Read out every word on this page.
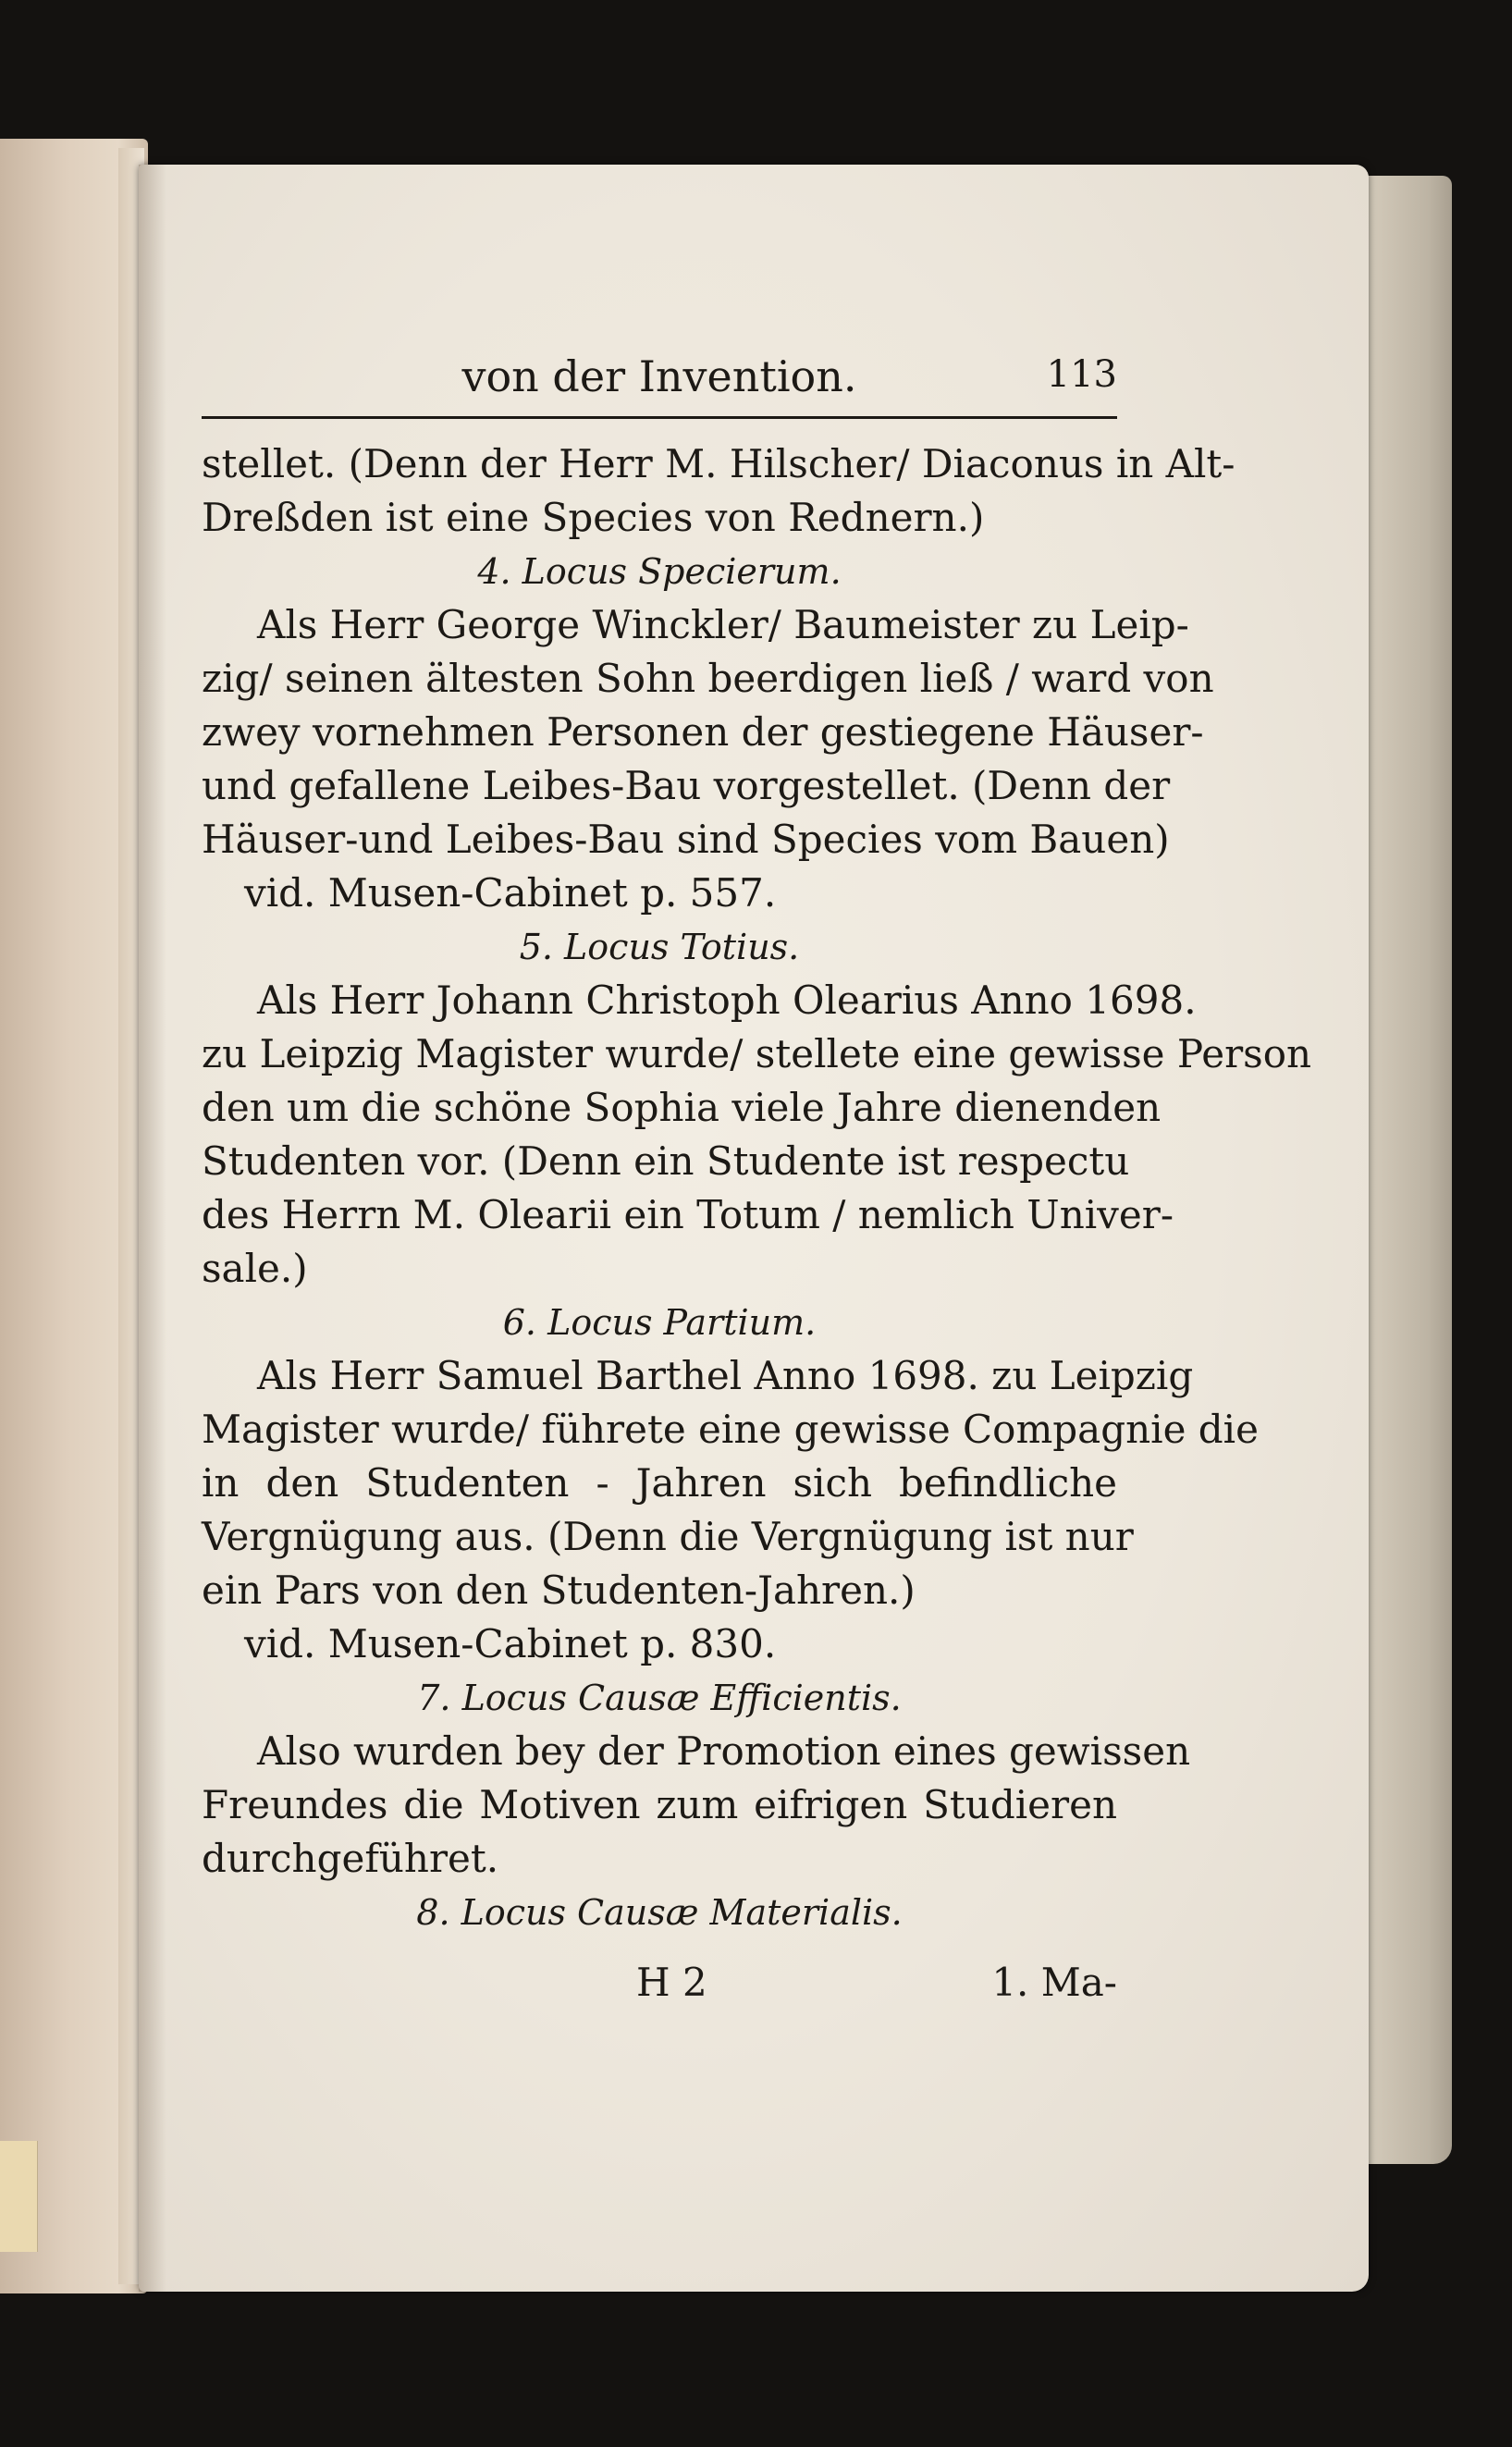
von der Invention.	113
stellet. (Denn der Herr M. Hilscher/ Diaconus in Alt-
Dreßden ist eine Species von Rednern.)
4. Locus Specierum.
Als Herr George Winckler/ Baumeister zu Leip-
zig/ seinen ältesten Sohn beerdigen ließ / ward von
zwey vornehmen Personen der gestiegene Häuser-
und gefallene Leibes-Bau vorgestellet. (Denn der
Häuser-und Leibes-Bau sind Species vom Bauen)
vid. Musen-Cabinet p. 557.
5. Locus Totius.
Als Herr Johann Christoph Olearius Anno 1698.
zu Leipzig Magister wurde/ stellete eine gewisse Person
den um die schöne Sophia viele Jahre dienenden
Studenten vor. (Denn ein Studente ist respectu
des Herrn M. Olearii ein Totum / nemlich Univer-
sale.)
6. Locus Partium.
Als Herr Samuel Barthel Anno 1698. zu Leipzig
Magister wurde/ führete eine gewisse Compagnie die
in den Studenten - Jahren sich befindliche
Vergnügung aus. (Denn die Vergnügung ist nur
ein Pars von den Studenten-Jahren.)
vid. Musen-Cabinet p. 830.
7. Locus Causæ Efficientis.
Also wurden bey der Promotion eines gewissen
Freundes die Motiven zum eifrigen Studieren
durchgeführet.
8. Locus Causæ Materialis.
H 2	1. Ma-
